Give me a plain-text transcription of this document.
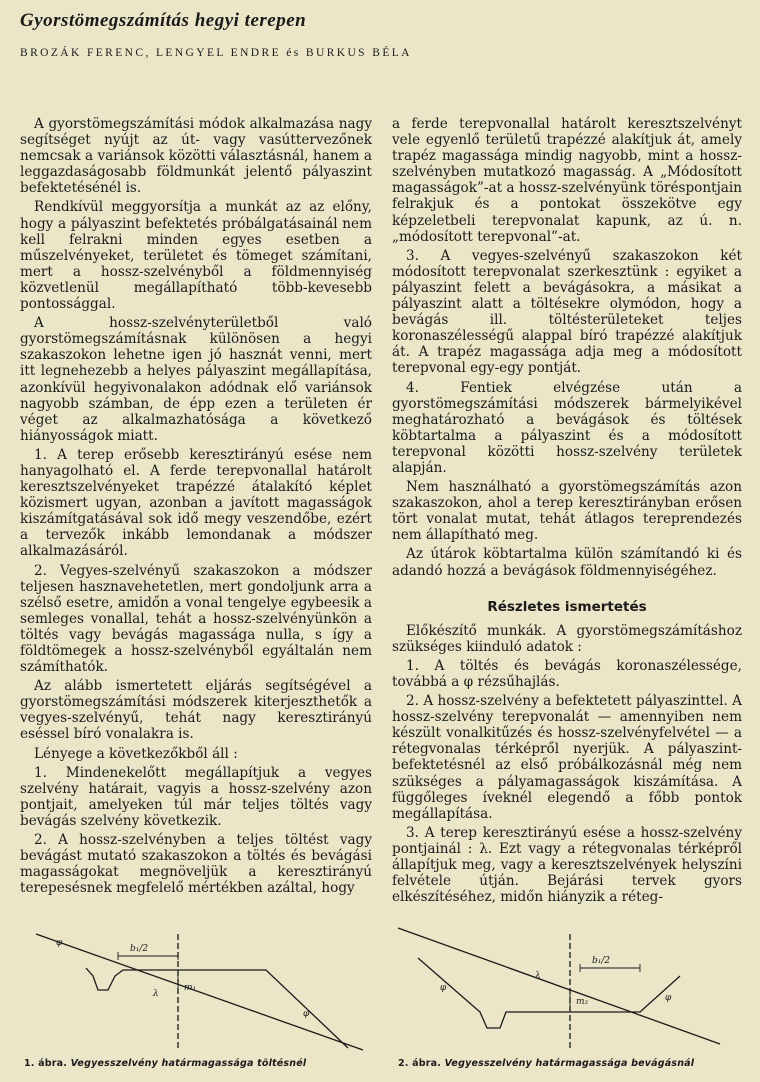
Gyorstömegszámítás hegyi terepen

BROZÁK FERENC, LENGYEL ENDRE és BURKUS BÉLA

A gyorstömegszámítási módok alkalmazása nagy segítséget nyújt az út- vagy vasúttervezőnek nemcsak a variánsok közötti választásnál, hanem a leggazdaságosabb földmunkát jelentő pályaszint befektetésénél is.

Rendkívül meggyorsítja a munkát az az előny, hogy a pályaszint befektetés próbálgatásainál nem kell felrakni minden egyes esetben a műszelvényeket, területet és tömeget számítani, mert a hossz-szelvényből a földmennyiség közvetlenül megállapítható több-kevesebb pontossággal.

A hossz-szelvényterületből való gyorstömegszámításnak különösen a hegyi szakaszokon lehetne igen jó hasznát venni, mert itt legnehezebb a helyes pályaszint megállapítása, azonkívül hegyivonalakon adódnak elő variánsok nagyobb számban, de épp ezen a területen ér véget az alkalmazhatósága a következő hiányosságok miatt.

1. A terep erősebb keresztirányú esése nem hanyagolható el. A ferde terepvonallal határolt keresztszelvényeket trapézzé átalakító képlet közismert ugyan, azonban a javított magasságok kiszámítgatásával sok idő megy veszendőbe, ezért a tervezők inkább lemondanak a módszer alkalmazásáról.

2. Vegyes-szelvényű szakaszokon a módszer teljesen hasznavehetetlen, mert gondoljunk arra a szélső esetre, amidőn a vonal tengelye egybeesik a semleges vonallal, tehát a hossz-szelvényünkön a töltés vagy bevágás magassága nulla, s így a földtömegek a hossz-szelvényből egyáltalán nem számíthatók.

Az alább ismertetett eljárás segítségével a gyorstömegszámítási módszerek kiterjeszthetők a vegyes-szelvényű, tehát nagy keresztirányú eséssel bíró vonalakra is.

Lényege a következőkből áll :

1. Mindenekelőtt megállapítjuk a vegyes szelvény határait, vagyis a hossz-szelvény azon pontjait, amelyeken túl már teljes töltés vagy bevágás szelvény következik.

2. A hossz-szelvényben a teljes töltést vagy bevágást mutató szakaszokon a töltés és bevágási magasságokat megnöveljük a keresztirányú terepesésnek megfelelő mértékben azáltal, hogy

a ferde terepvonallal határolt keresztszelvényt vele egyenlő területű trapézzé alakítjuk át, amely trapéz magassága mindig nagyobb, mint a hossz-szelvényben mutatkozó magasság. A „Módosított magasságok”-at a hossz-szelvényünk töréspontjain felrakjuk és a pontokat összekötve egy képzeletbeli terepvonalat kapunk, az ú. n. „módosított terepvonal”-at.

3. A vegyes-szelvényű szakaszokon két módosított terepvonalat szerkesztünk : egyiket a pályaszint felett a bevágásokra, a másikat a pályaszint alatt a töltésekre olymódon, hogy a bevágás ill. töltésterületeket teljes koronaszélességű alappal bíró trapézzé alakítjuk át. A trapéz magassága adja meg a módosított terepvonal egy-egy pontját.

4. Fentiek elvégzése után a gyorstömegszámítási módszerek bármelyikével meghatározható a bevágások és töltések köbtartalma a pályaszint és a módosított terepvonal közötti hossz-szelvény területek alapján.

Nem használható a gyorstömegszámítás azon szakaszokon, ahol a terep keresztirányban erősen tört vonalat mutat, tehát átlagos tereprendezés nem állapítható meg.

Az útárok köbtartalma külön számítandó ki és adandó hozzá a bevágások földmennyiségéhez.

Részletes ismertetés

Előkészítő munkák. A gyorstömegszámításhoz szükséges kiinduló adatok :

1. A töltés és bevágás koronaszélessége, továbbá a φ rézsűhajlás.

2. A hossz-szelvény a befektetett pályaszinttel. A hossz-szelvény terepvonalát — amennyiben nem készült vonalkitűzés és hossz-szelvényfelvétel — a rétegvonalas térképről nyerjük. A pályaszint-befektetésnél az első próbálkozásnál még nem szükséges a pályamagasságok kiszámítása. A függőleges íveknél elegendő a főbb pontok megállapítása.

3. A terep keresztirányú esése a hossz-szelvény pontjainál : λ. Ezt vagy a rétegvonalas térképről állapítjuk meg, vagy a keresztszelvények helyszíni felvétele útján. Bejárási tervek gyors elkészítéséhez, midőn hiányzik a réteg-

b₁/2
φ
λ
m₁
φ
b₁/2
φ
λ
m₂	φ
1. ábra. Vegyesszelvény határmagassága töltésnél	2. ábra. Vegyesszelvény határmagassága bevágásnál
